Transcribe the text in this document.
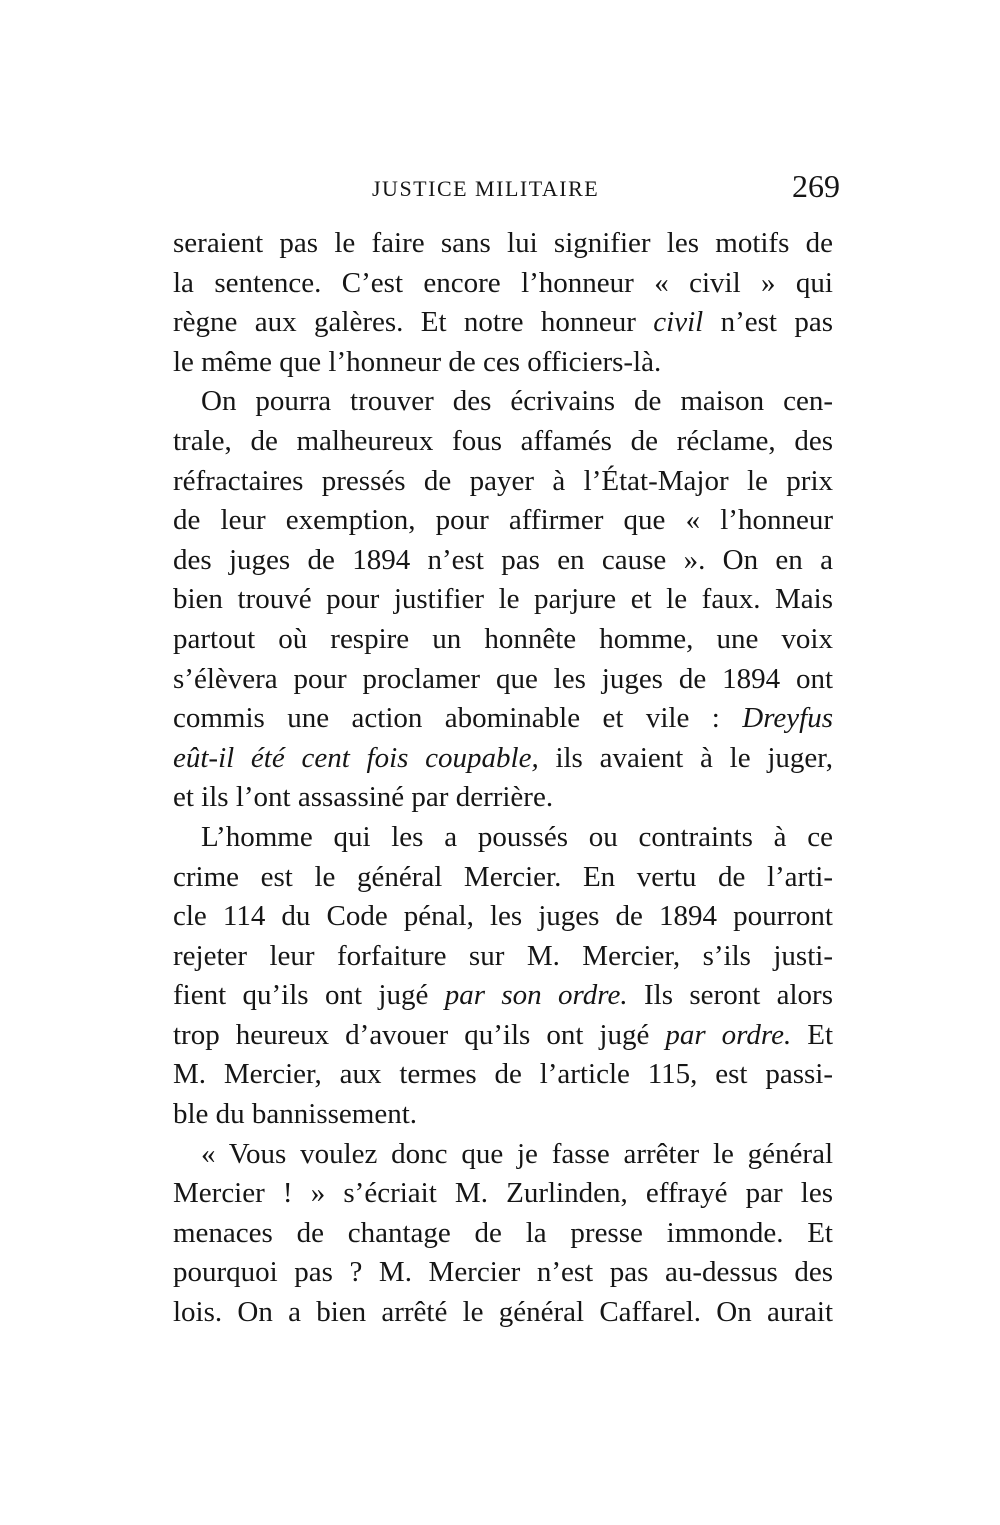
JUSTICE MILITAIRE	269
seraient pas le faire sans lui signifier les motifs de
la sentence. C’est encore l’honneur « civil » qui
règne aux galères. Et notre honneur civil n’est pas
le même que l’honneur de ces officiers-là.
On pourra trouver des écrivains de maison cen-
trale, de malheureux fous affamés de réclame, des
réfractaires pressés de payer à l’État-Major le prix
de leur exemption, pour affirmer que « l’honneur
des juges de 1894 n’est pas en cause ». On en a
bien trouvé pour justifier le parjure et le faux. Mais
partout où respire un honnête homme, une voix
s’élèvera pour proclamer que les juges de 1894 ont
commis une action abominable et vile : Dreyfus
eût-il été cent fois coupable, ils avaient à le juger,
et ils l’ont assassiné par derrière.
L’homme qui les a poussés ou contraints à ce
crime est le général Mercier. En vertu de l’arti-
cle 114 du Code pénal, les juges de 1894 pourront
rejeter leur forfaiture sur M. Mercier, s’ils justi-
fient qu’ils ont jugé par son ordre. Ils seront alors
trop heureux d’avouer qu’ils ont jugé par ordre. Et
M. Mercier, aux termes de l’article 115, est passi-
ble du bannissement.
« Vous voulez donc que je fasse arrêter le général
Mercier ! » s’écriait M. Zurlinden, effrayé par les
menaces de chantage de la presse immonde. Et
pourquoi pas ? M. Mercier n’est pas au-dessus des
lois. On a bien arrêté le général Caffarel. On aurait
